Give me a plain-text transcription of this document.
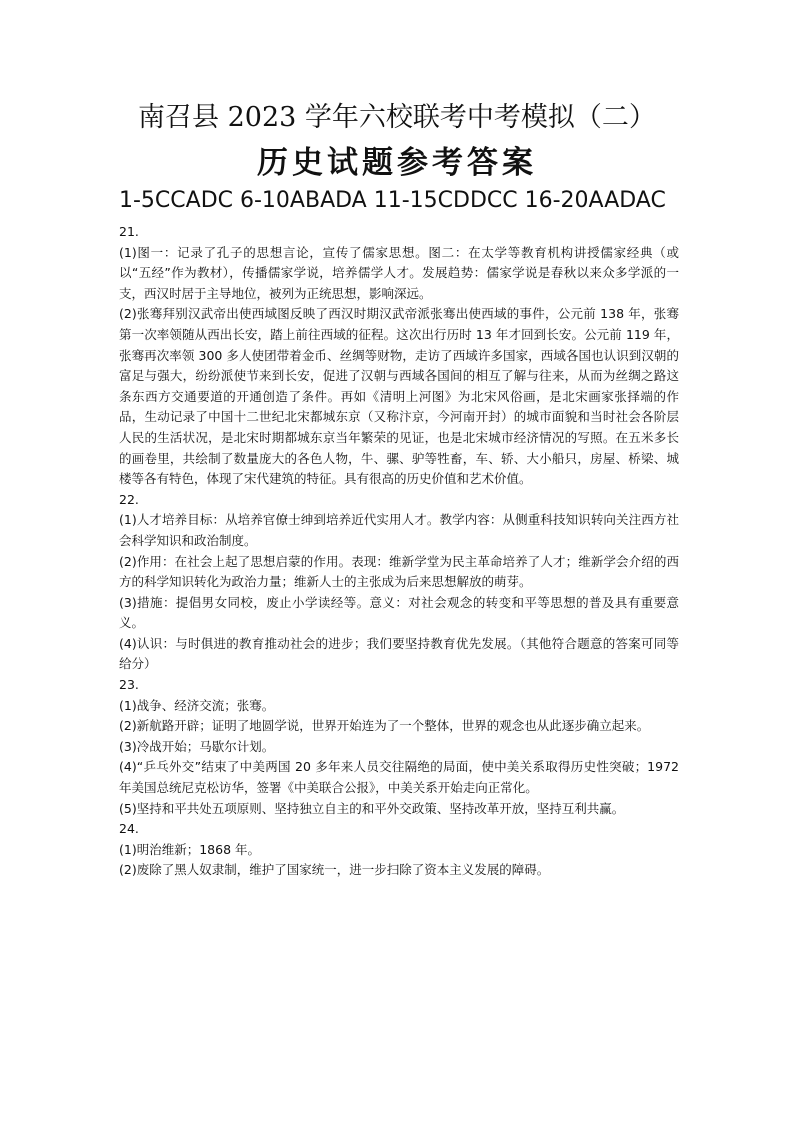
南召县 2023 学年六校联考中考模拟（二）
历史试题参考答案
1-5CCADC 6-10ABADA 11-15CDDCC 16-20AADAC
21.

(1)图一：记录了孔子的思想言论，宣传了儒家思想。图二：在太学等教育机构讲授儒家经典（或以“五经”作为教材），传播儒家学说，培养儒学人才。发展趋势：儒家学说是春秋以来众多学派的一支，西汉时居于主导地位，被列为正统思想，影响深远。

(2)张骞拜别汉武帝出使西域图反映了西汉时期汉武帝派张骞出使西域的事件，公元前 138 年，张骞第一次率领随从西出长安，踏上前往西域的征程。这次出行历时 13 年才回到长安。公元前 119 年，张骞再次率领 300 多人使团带着金币、丝绸等财物，走访了西域许多国家，西域各国也认识到汉朝的富足与强大，纷纷派使节来到长安，促进了汉朝与西域各国间的相互了解与往来，从而为丝绸之路这条东西方交通要道的开通创造了条件。再如《清明上河图》为北宋风俗画，是北宋画家张择端的作品，生动记录了中国十二世纪北宋都城东京（又称汴京，今河南开封）的城市面貌和当时社会各阶层人民的生活状况，是北宋时期都城东京当年繁荣的见证，也是北宋城市经济情况的写照。在五米多长的画卷里，共绘制了数量庞大的各色人物，牛、骡、驴等牲畜，车、轿、大小船只，房屋、桥梁、城楼等各有特色，体现了宋代建筑的特征。具有很高的历史价值和艺术价值。

22.

(1)人才培养目标：从培养官僚士绅到培养近代实用人才。教学内容：从侧重科技知识转向关注西方社会科学知识和政治制度。

(2)作用：在社会上起了思想启蒙的作用。表现：维新学堂为民主革命培养了人才；维新学会介绍的西方的科学知识转化为政治力量；维新人士的主张成为后来思想解放的萌芽。

(3)措施：提倡男女同校，废止小学读经等。意义：对社会观念的转变和平等思想的普及具有重要意义。

(4)认识：与时俱进的教育推动社会的进步；我们要坚持教育优先发展。（其他符合题意的答案可同等给分）

23.

(1)战争、经济交流；张骞。

(2)新航路开辟；证明了地圆学说，世界开始连为了一个整体，世界的观念也从此逐步确立起来。

(3)冷战开始；马歇尔计划。

(4)“乒乓外交”结束了中美两国 20 多年来人员交往隔绝的局面，使中美关系取得历史性突破；1972 年美国总统尼克松访华，签署《中美联合公报》，中美关系开始走向正常化。

(5)坚持和平共处五项原则、坚持独立自主的和平外交政策、坚持改革开放，坚持互利共赢。

24.

(1)明治维新；1868 年。

(2)废除了黑人奴隶制，维护了国家统一，进一步扫除了资本主义发展的障碍。
